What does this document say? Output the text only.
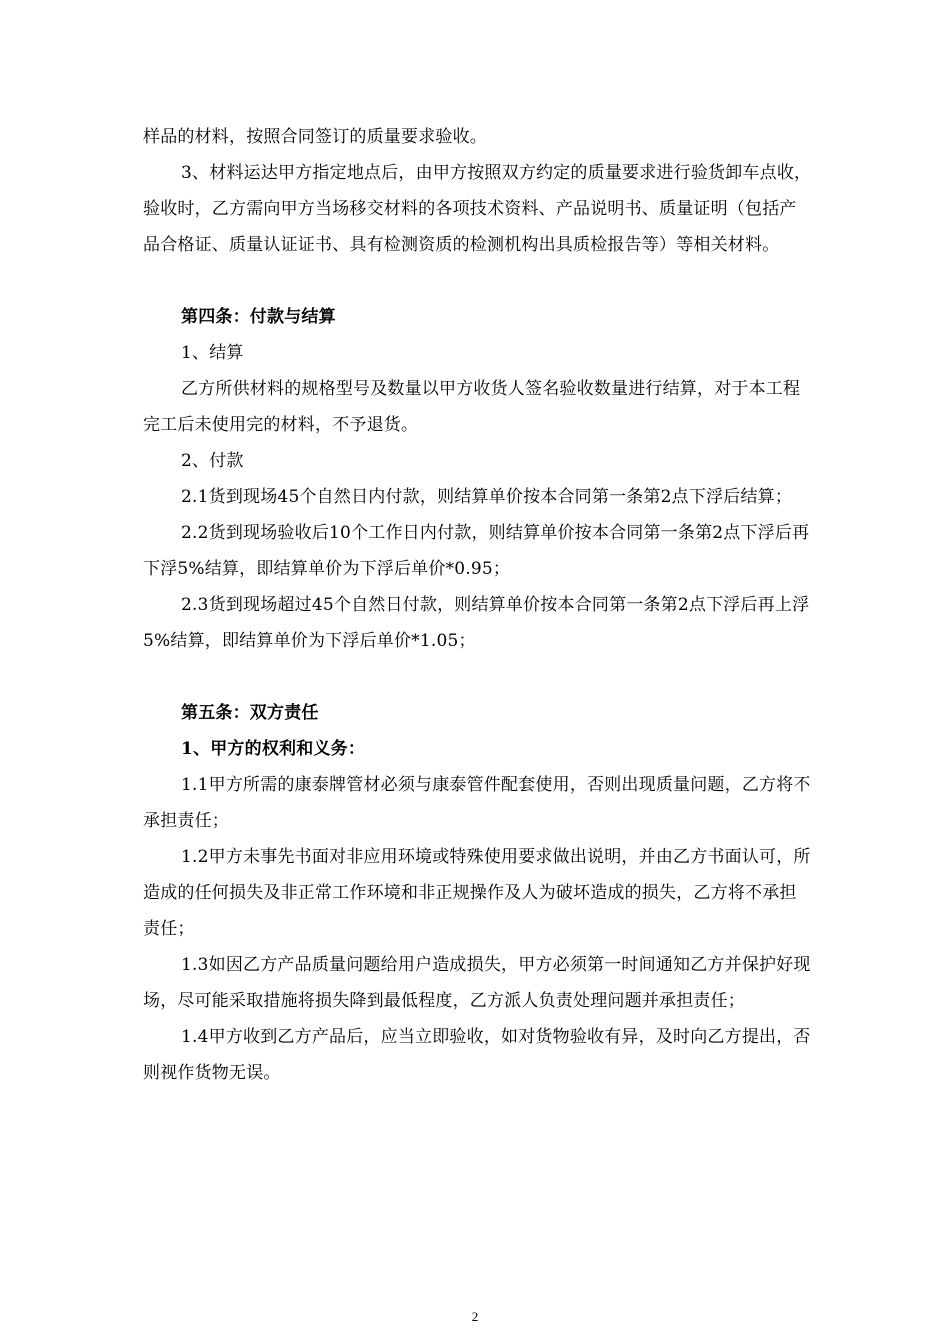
样品的材料，按照合同签订的质量要求验收。

3、材料运达甲方指定地点后，由甲方按照双方约定的质量要求进行验货卸车点收，验收时，乙方需向甲方当场移交材料的各项技术资料、产品说明书、质量证明（包括产品合格证、质量认证证书、具有检测资质的检测机构出具质检报告等）等相关材料。

第四条：付款与结算

1、结算

乙方所供材料的规格型号及数量以甲方收货人签名验收数量进行结算，对于本工程完工后未使用完的材料，不予退货。

2、付款

2.1货到现场45个自然日内付款，则结算单价按本合同第一条第2点下浮后结算；

2.2货到现场验收后10个工作日内付款，则结算单价按本合同第一条第2点下浮后再下浮5%结算，即结算单价为下浮后单价*0.95；

2.3货到现场超过45个自然日付款，则结算单价按本合同第一条第2点下浮后再上浮5%结算，即结算单价为下浮后单价*1.05；

第五条：双方责任

1、甲方的权利和义务：

1.1甲方所需的康泰牌管材必须与康泰管件配套使用，否则出现质量问题，乙方将不承担责任；

1.2甲方未事先书面对非应用环境或特殊使用要求做出说明，并由乙方书面认可，所造成的任何损失及非正常工作环境和非正规操作及人为破坏造成的损失，乙方将不承担责任；

1.3如因乙方产品质量问题给用户造成损失，甲方必须第一时间通知乙方并保护好现场，尽可能采取措施将损失降到最低程度，乙方派人负责处理问题并承担责任；

1.4甲方收到乙方产品后，应当立即验收，如对货物验收有异，及时向乙方提出，否则视作货物无误。

2
